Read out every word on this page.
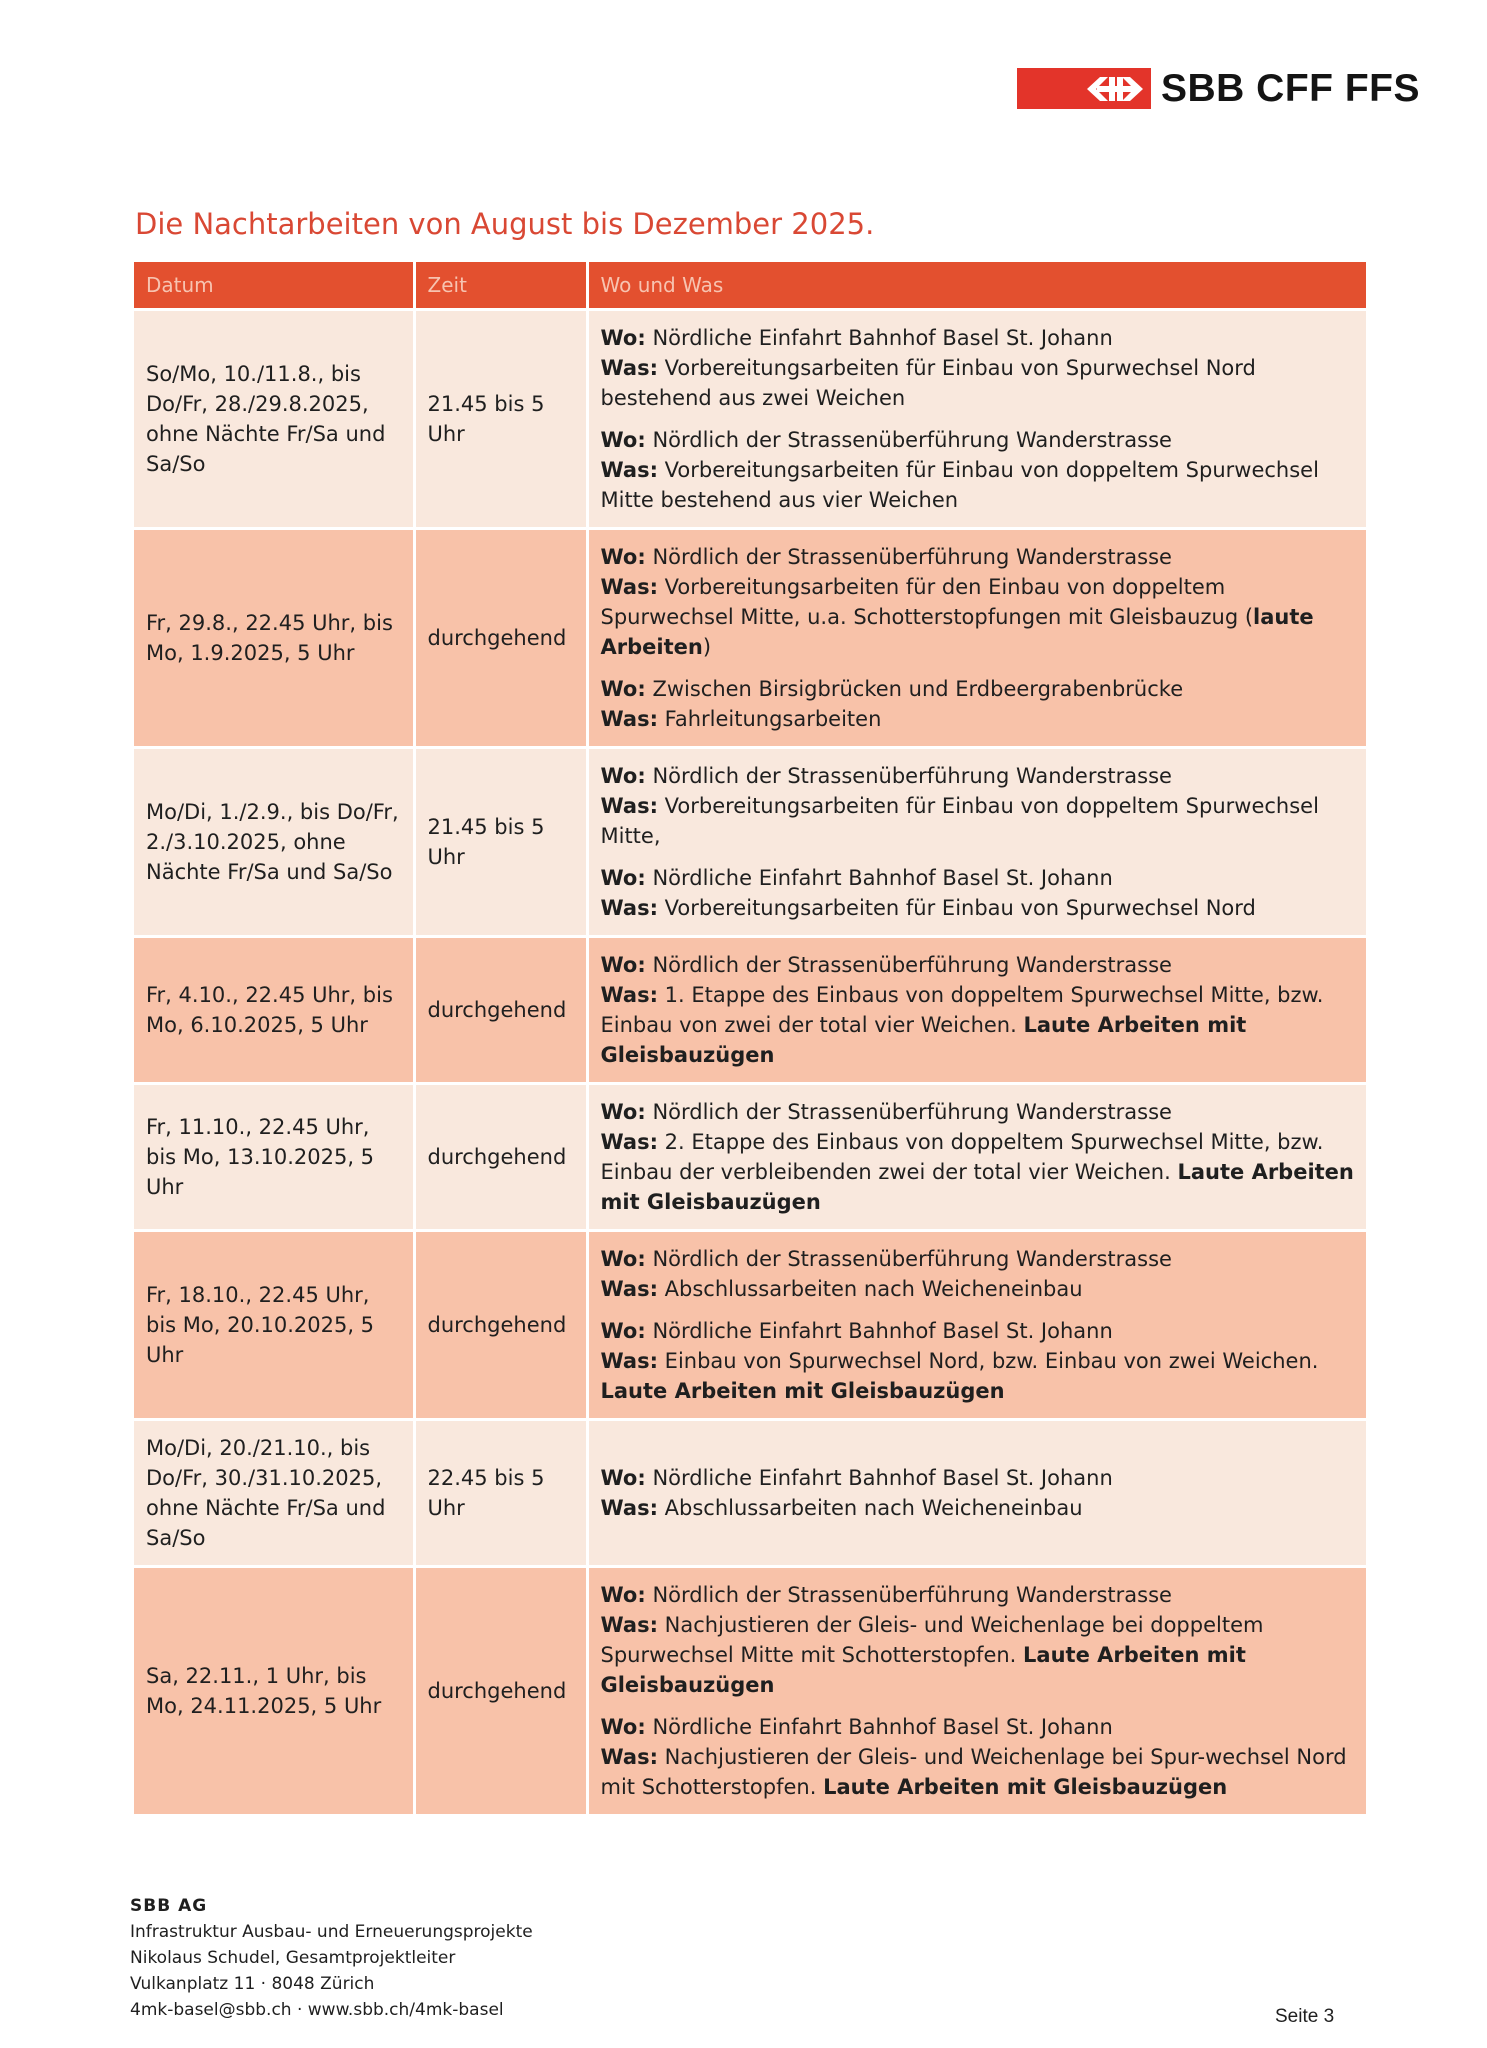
SBB CFF FFS
Die Nachtarbeiten von August bis Dezember 2025.
Datum	Zeit	Wo und Was
So/Mo, 10./11.8., bis Do/Fr, 28./29.8.2025, ohne Nächte Fr/Sa und Sa/So	21.45 bis 5 Uhr	Wo: Nördliche Einfahrt Bahnhof Basel St. Johann
Was: Vorbereitungsarbeiten für Einbau von Spurwechsel Nord bestehend aus zwei Weichen
Wo: Nördlich der Strassenüberführung Wanderstrasse
Was: Vorbereitungsarbeiten für Einbau von doppeltem Spurwechsel Mitte bestehend aus vier Weichen

Fr, 29.8., 22.45 Uhr, bis Mo, 1.9.2025, 5 Uhr	durchgehend	Wo: Nördlich der Strassenüberführung Wanderstrasse
Was: Vorbereitungsarbeiten für den Einbau von doppeltem Spurwechsel Mitte, u.a. Schotterstopfungen mit Gleisbauzug (laute Arbeiten)
Wo: Zwischen Birsigbrücken und Erdbeergrabenbrücke
Was: Fahrleitungsarbeiten

Mo/Di, 1./2.9., bis Do/Fr, 2./3.10.2025, ohne Nächte Fr/Sa und Sa/So	21.45 bis 5 Uhr	Wo: Nördlich der Strassenüberführung Wanderstrasse
Was: Vorbereitungsarbeiten für Einbau von doppeltem Spurwechsel Mitte,
Wo: Nördliche Einfahrt Bahnhof Basel St. Johann
Was: Vorbereitungsarbeiten für Einbau von Spurwechsel Nord

Fr, 4.10., 22.45 Uhr, bis Mo, 6.10.2025, 5 Uhr	durchgehend	Wo: Nördlich der Strassenüberführung Wanderstrasse
Was: 1. Etappe des Einbaus von doppeltem Spurwechsel Mitte, bzw. Einbau von zwei der total vier Weichen. Laute Arbeiten mit Gleisbauzügen

Fr, 11.10., 22.45 Uhr, bis Mo, 13.10.2025, 5 Uhr	durchgehend	Wo: Nördlich der Strassenüberführung Wanderstrasse
Was: 2. Etappe des Einbaus von doppeltem Spurwechsel Mitte, bzw. Einbau der verbleibenden zwei der total vier Weichen. Laute Arbeiten mit Gleisbauzügen

Fr, 18.10., 22.45 Uhr, bis Mo, 20.10.2025, 5 Uhr	durchgehend	Wo: Nördlich der Strassenüberführung Wanderstrasse
Was: Abschlussarbeiten nach Weicheneinbau
Wo: Nördliche Einfahrt Bahnhof Basel St. Johann
Was: Einbau von Spurwechsel Nord, bzw. Einbau von zwei Weichen. Laute Arbeiten mit Gleisbauzügen

Mo/Di, 20./21.10., bis Do/Fr, 30./31.10.2025, ohne Nächte Fr/Sa und Sa/So	22.45 bis 5 Uhr	Wo: Nördliche Einfahrt Bahnhof Basel St. Johann
Was: Abschlussarbeiten nach Weicheneinbau

Sa, 22.11., 1 Uhr, bis Mo, 24.11.2025, 5 Uhr	durchgehend	Wo: Nördlich der Strassenüberführung Wanderstrasse
Was: Nachjustieren der Gleis- und Weichenlage bei doppeltem Spurwechsel Mitte mit Schotterstopfen. Laute Arbeiten mit Gleisbauzügen
Wo: Nördliche Einfahrt Bahnhof Basel St. Johann
Was: Nachjustieren der Gleis- und Weichenlage bei Spur-wechsel Nord mit Schotterstopfen. Laute Arbeiten mit Gleisbauzügen
SBB AG
Infrastruktur Ausbau- und Erneuerungsprojekte
Nikolaus Schudel, Gesamtprojektleiter
Vulkanplatz 11 · 8048 Zürich
4mk-basel@sbb.ch · www.sbb.ch/4mk-basel	Seite 3
